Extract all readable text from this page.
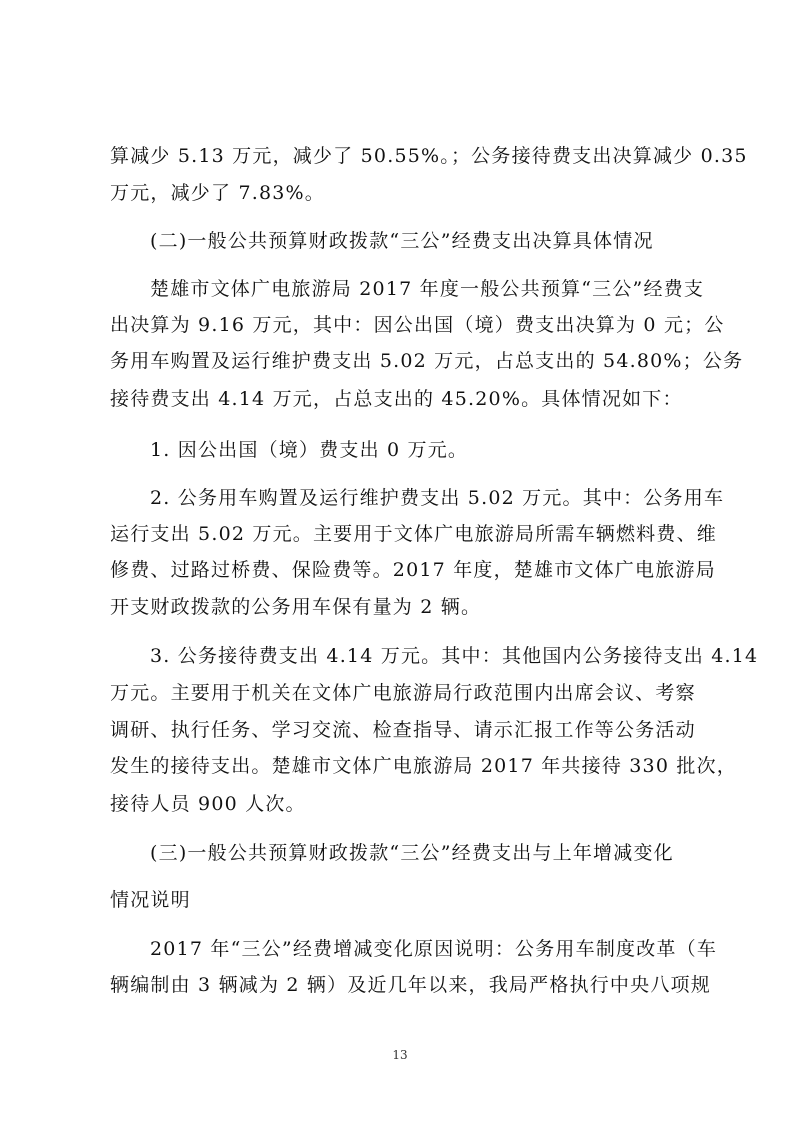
算减少 5.13 万元，减少了 50.55%。；公务接待费支出决算减少 0.35
万元，减少了 7.83%。
(二)一般公共预算财政拨款“三公”经费支出决算具体情况
楚雄市文体广电旅游局 2017 年度一般公共预算“三公”经费支
出决算为 9.16 万元，其中：因公出国（境）费支出决算为 0 元；公
务用车购置及运行维护费支出 5.02 万元，占总支出的 54.80%；公务
接待费支出 4.14 万元，占总支出的 45.20%。具体情况如下：
1. 因公出国（境）费支出 0 万元。
2. 公务用车购置及运行维护费支出 5.02 万元。其中：公务用车
运行支出 5.02 万元。主要用于文体广电旅游局所需车辆燃料费、维
修费、过路过桥费、保险费等。2017 年度，楚雄市文体广电旅游局
开支财政拨款的公务用车保有量为 2 辆。
3. 公务接待费支出 4.14 万元。其中：其他国内公务接待支出 4.14
万元。主要用于机关在文体广电旅游局行政范围内出席会议、考察
调研、执行任务、学习交流、检查指导、请示汇报工作等公务活动
发生的接待支出。楚雄市文体广电旅游局 2017 年共接待 330 批次，
接待人员 900 人次。
(三)一般公共预算财政拨款“三公”经费支出与上年增减变化
情况说明
2017 年“三公”经费增减变化原因说明：公务用车制度改革（车
辆编制由 3 辆减为 2 辆）及近几年以来，我局严格执行中央八项规
13
